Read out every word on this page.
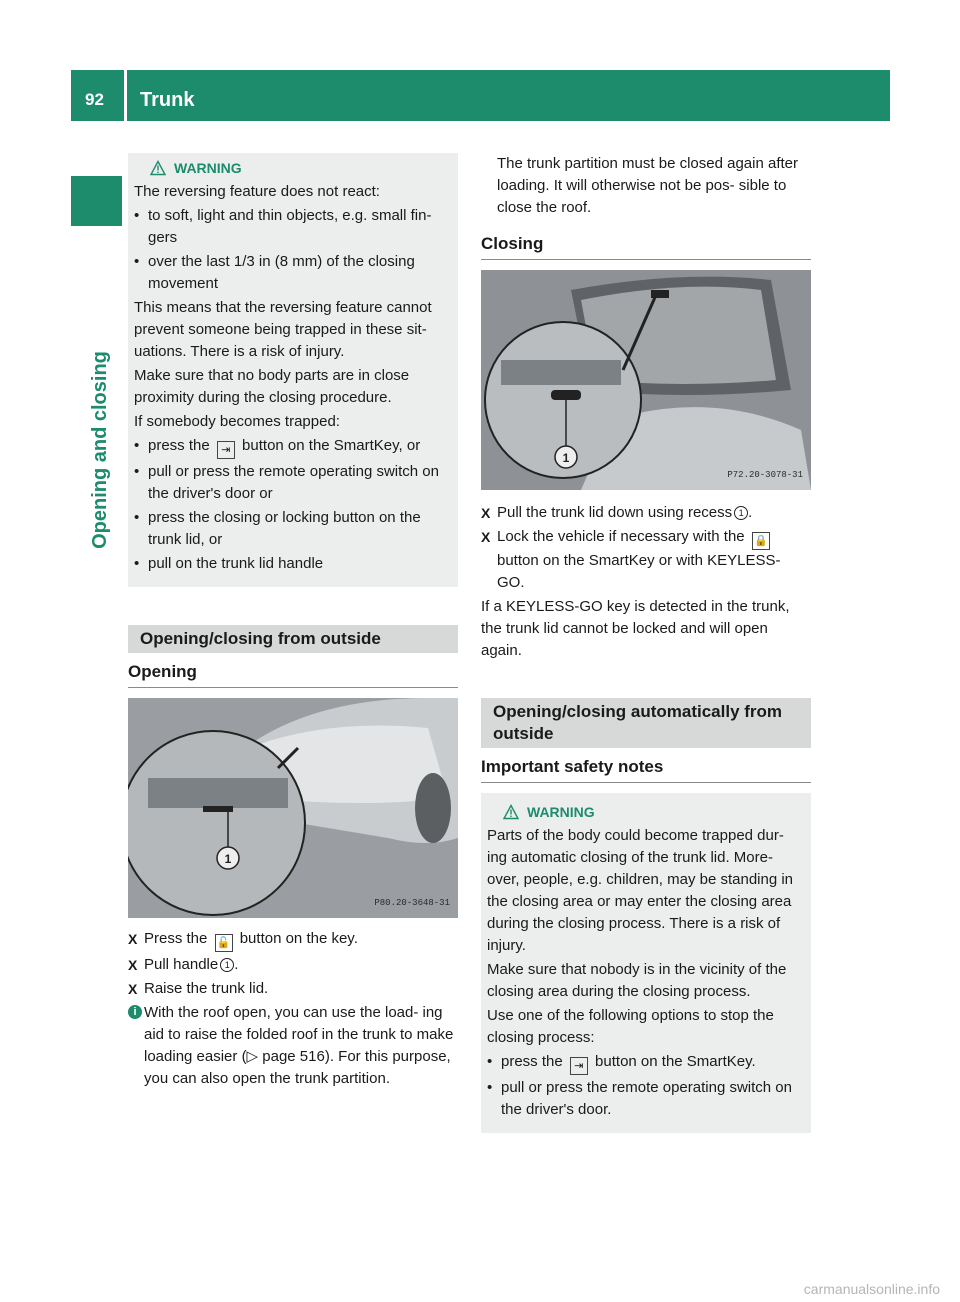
92 Trunk
Opening and closing
WARNING

The reversing feature does not react:

• to soft, light and thin objects, e.g. small fin- gers
• over the last 1/3 in (8 mm) of the closing movement

This means that the reversing feature cannot prevent someone being trapped in these sit- uations. There is a risk of injury.

Make sure that no body parts are in close proximity during the closing procedure.

If somebody becomes trapped:

• press the ⇥ button on the SmartKey, or
• pull or press the remote operating switch on the driver's door or
• press the closing or locking button on the trunk lid, or
• pull on the trunk lid handle
Opening/closing from outside
Opening
1
P80.20-3648-31
X Press the 🔓 button on the key.
X Pull handle 1 .
X Raise the trunk lid.
i With the roof open, you can use the load- ing aid to raise the folded roof in the trunk to make loading easier (▷ page 516). For this purpose, you can also open the trunk partition.

The trunk partition must be closed again after loading. It will otherwise not be pos- sible to close the roof.

Closing
1
P72.20-3078-31
X Pull the trunk lid down using recess 1 .
X Lock the vehicle if necessary with the 🔒 button on the SmartKey or with KEYLESS- GO.

If a KEYLESS-GO key is detected in the trunk, the trunk lid cannot be locked and will open again.

Opening/closing automatically from outside
Important safety notes
WARNING

Parts of the body could become trapped dur- ing automatic closing of the trunk lid. More- over, people, e.g. children, may be standing in the closing area or may enter the closing area during the closing process. There is a risk of injury.

Make sure that nobody is in the vicinity of the closing area during the closing process.

Use one of the following options to stop the closing process:

• press the ⇥ button on the SmartKey.
• pull or press the remote operating switch on the driver's door.
carmanualsonline.info
